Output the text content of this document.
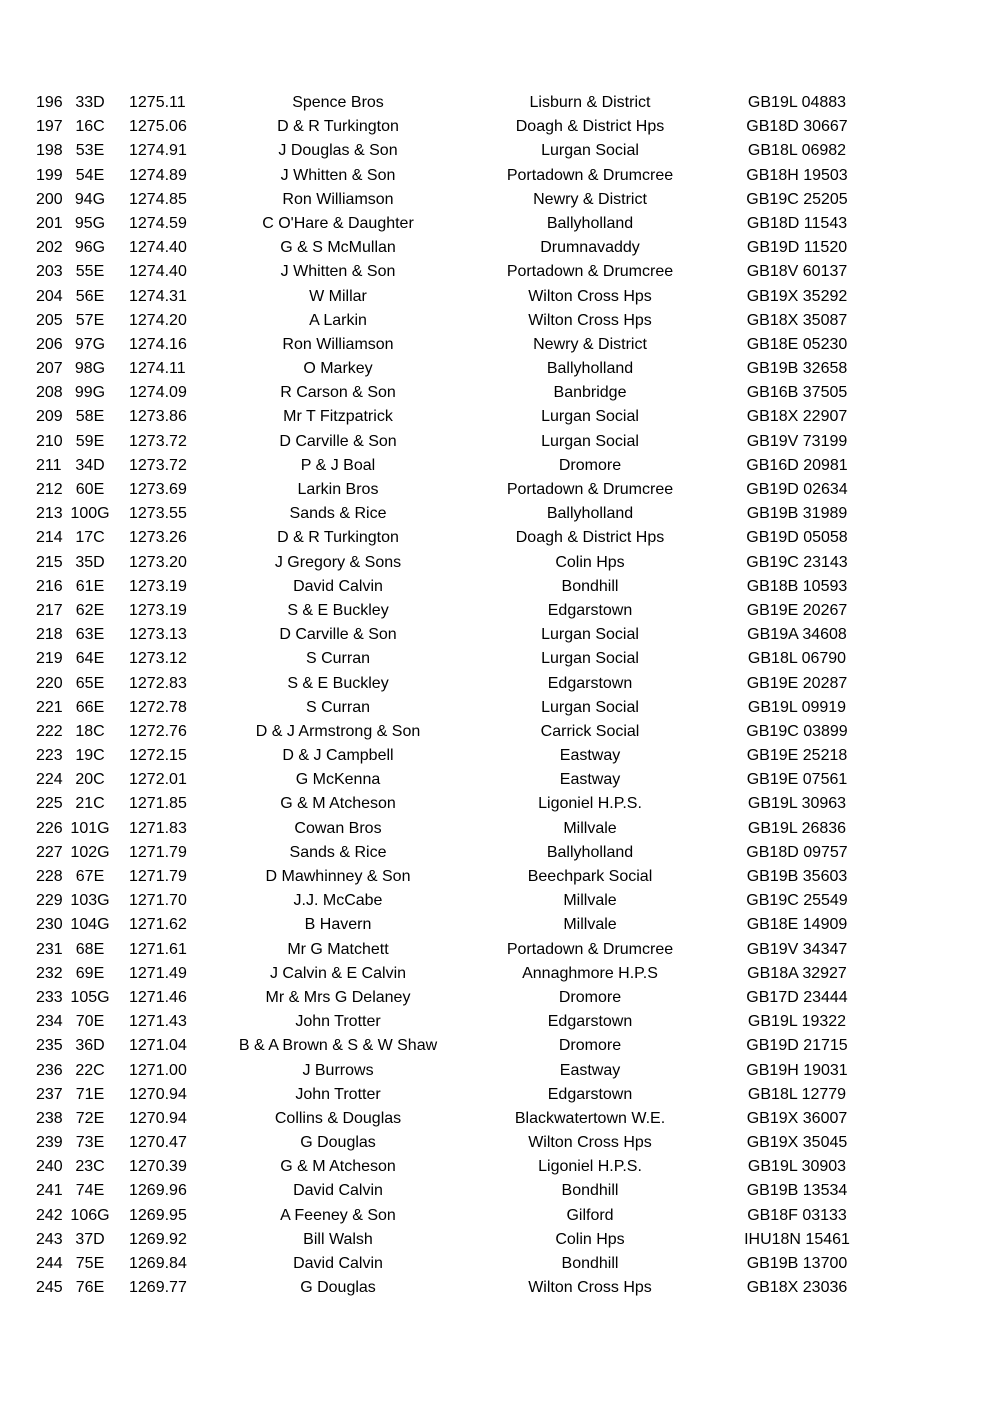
196 33D	1275.11	Spence Bros	Lisburn & District	GB19L 04883
197 16C	1275.06	D & R Turkington	Doagh & District Hps	GB18D 30667
198 53E	1274.91	J Douglas & Son	Lurgan Social	GB18L 06982
199 54E	1274.89	J Whitten & Son	Portadown & Drumcree	GB18H 19503
200 94G	1274.85	Ron Williamson	Newry & District	GB19C 25205
201 95G	1274.59	C O'Hare & Daughter	Ballyholland	GB18D 11543
202 96G	1274.40	G & S McMullan	Drumnavaddy	GB19D 11520
203 55E	1274.40	J Whitten & Son	Portadown & Drumcree	GB18V 60137
204 56E	1274.31	W Millar	Wilton Cross Hps	GB19X 35292
205 57E	1274.20	A Larkin	Wilton Cross Hps	GB18X 35087
206 97G	1274.16	Ron Williamson	Newry & District	GB18E 05230
207 98G	1274.11	O Markey	Ballyholland	GB19B 32658
208 99G	1274.09	R Carson & Son	Banbridge	GB16B 37505
209 58E	1273.86	Mr T Fitzpatrick	Lurgan Social	GB18X 22907
210 59E	1273.72	D Carville & Son	Lurgan Social	GB19V 73199
211 34D	1273.72	P & J Boal	Dromore	GB16D 20981
212 60E	1273.69	Larkin Bros	Portadown & Drumcree	GB19D 02634
213 100G 1273.55	Sands & Rice	Ballyholland	GB19B 31989
214 17C	1273.26	D & R Turkington	Doagh & District Hps	GB19D 05058
215 35D	1273.20	J Gregory & Sons	Colin Hps	GB19C 23143
216 61E	1273.19	David Calvin	Bondhill	GB18B 10593
217 62E	1273.19	S & E Buckley	Edgarstown	GB19E 20267
218 63E	1273.13	D Carville & Son	Lurgan Social	GB19A 34608
219 64E	1273.12	S Curran	Lurgan Social	GB18L 06790
220 65E	1272.83	S & E Buckley	Edgarstown	GB19E 20287
221 66E	1272.78	S Curran	Lurgan Social	GB19L 09919
222 18C	1272.76	D & J Armstrong & Son	Carrick Social	GB19C 03899
223 19C	1272.15	D & J Campbell	Eastway	GB19E 25218
224 20C	1272.01	G McKenna	Eastway	GB19E 07561
225 21C	1271.85	G & M Atcheson	Ligoniel H.P.S.	GB19L 30963
226 101G 1271.83	Cowan Bros	Millvale	GB19L 26836
227 102G 1271.79	Sands & Rice	Ballyholland	GB18D 09757
228 67E	1271.79	D Mawhinney & Son	Beechpark Social	GB19B 35603
229 103G 1271.70	J.J. McCabe	Millvale	GB19C 25549
230 104G 1271.62	B Havern	Millvale	GB18E 14909
231 68E	1271.61	Mr G Matchett	Portadown & Drumcree	GB19V 34347
232 69E	1271.49	J Calvin & E Calvin	Annaghmore H.P.S	GB18A 32927
233 105G 1271.46	Mr & Mrs G Delaney	Dromore	GB17D 23444
234 70E	1271.43	John Trotter	Edgarstown	GB19L 19322
235 36D	1271.04	B & A Brown & S & W Shaw	Dromore	GB19D 21715
236 22C	1271.00	J Burrows	Eastway	GB19H 19031
237 71E	1270.94	John Trotter	Edgarstown	GB18L 12779
238 72E	1270.94	Collins & Douglas	Blackwatertown W.E.	GB19X 36007
239 73E	1270.47	G Douglas	Wilton Cross Hps	GB19X 35045
240 23C	1270.39	G & M Atcheson	Ligoniel H.P.S.	GB19L 30903
241 74E	1269.96	David Calvin	Bondhill	GB19B 13534
242 106G 1269.95	A Feeney & Son	Gilford	GB18F 03133
243 37D	1269.92	Bill Walsh	Colin Hps	IHU18N 15461
244 75E	1269.84	David Calvin	Bondhill	GB19B 13700
245 76E	1269.77	G Douglas	Wilton Cross Hps	GB18X 23036
